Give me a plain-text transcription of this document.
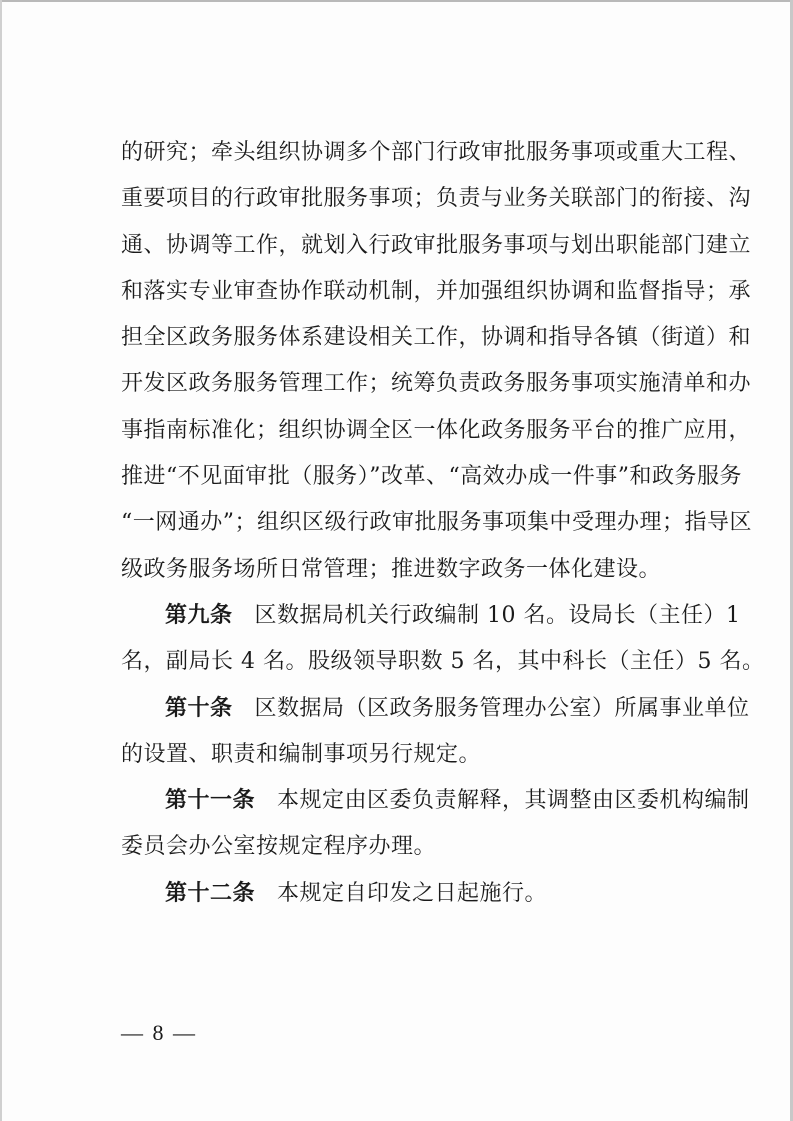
的研究；牵头组织协调多个部门行政审批服务事项或重大工程、
重要项目的行政审批服务事项；负责与业务关联部门的衔接、沟
通、协调等工作，就划入行政审批服务事项与划出职能部门建立
和落实专业审查协作联动机制，并加强组织协调和监督指导；承
担全区政务服务体系建设相关工作，协调和指导各镇（街道）和
开发区政务服务管理工作；统筹负责政务服务事项实施清单和办
事指南标准化；组织协调全区一体化政务服务平台的推广应用，
推进“不见面审批（服务）”改革、“高效办成一件事”和政务服务
“一网通办”；组织区级行政审批服务事项集中受理办理；指导区
级政务服务场所日常管理；推进数字政务一体化建设。
第九条 区数据局机关行政编制 10 名。设局长（主任）1
名，副局长 4 名。股级领导职数 5 名，其中科长（主任）5 名。
第十条 区数据局（区政务服务管理办公室）所属事业单位
的设置、职责和编制事项另行规定。
第十一条 本规定由区委负责解释，其调整由区委机构编制
委员会办公室按规定程序办理。
第十二条 本规定自印发之日起施行。
— 8 —
